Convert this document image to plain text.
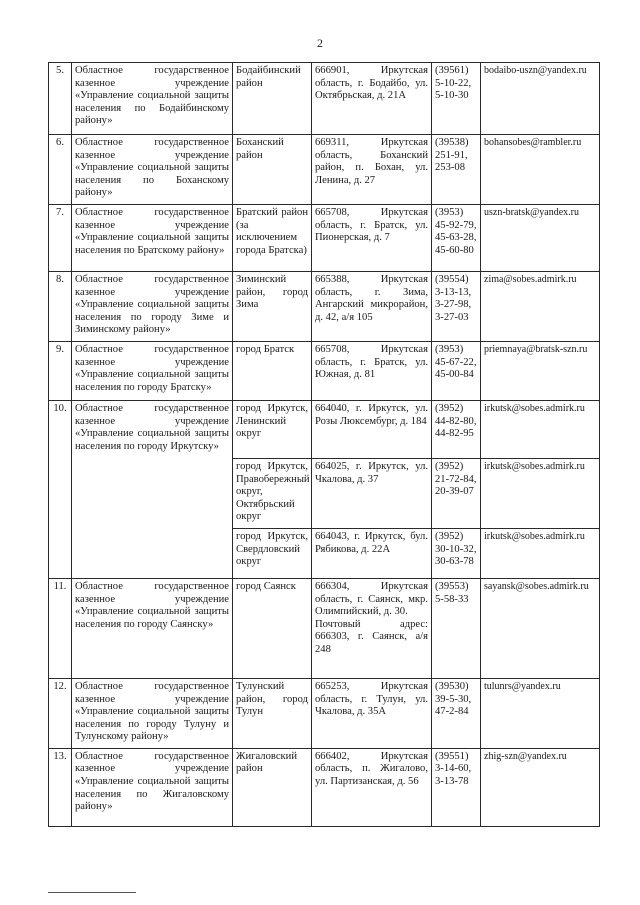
2
5.	Областное государственное казенное учреждение «Управление социальной защиты населения по Бодайбинскому району»	Бодайбинский район	666901, Иркутская область, г. Бодайбо, ул. Октябрьская, д. 21А	(39561) 5-10-22, 5-10-30	bodaibo-uszn@yandex.ru
6.	Областное государственное казенное учреждение «Управление социальной защиты населения по Боханскому району»	Боханский район	669311, Иркутская область, Боханский район, п. Бохан, ул. Ленина, д. 27	(39538) 251-91, 253-08	bohansobes@rambler.ru
7.	Областное государственное казенное учреждение «Управление социальной защиты населения по Братскому району»	Братский район (за исключением города Братска)	665708, Иркутская область, г. Братск, ул. Пионерская, д. 7	(3953) 45-92-79, 45-63-28, 45-60-80	uszn-bratsk@yandex.ru
8.	Областное государственное казенное учреждение «Управление социальной защиты населения по городу Зиме и Зиминскому району»	Зиминский район, город Зима	665388, Иркутская область, г. Зима, Ангарский микрорайон, д. 42, а/я 105	(39554) 3-13-13, 3-27-98, 3-27-03	zima@sobes.admirk.ru
9.	Областное государственное казенное учреждение «Управление социальной защиты населения по городу Братску»	город Братск	665708, Иркутская область, г. Братск, ул. Южная, д. 81	(3953) 45-67-22, 45-00-84	priemnaya@bratsk-szn.ru
10.	Областное государственное казенное учреждение «Управление социальной защиты населения по городу Иркутску»	город Иркутск, Ленинский округ	664040, г. Иркутск, ул. Розы Люксембург, д. 184	(3952) 44-82-80, 44-82-95	irkutsk@sobes.admirk.ru
		город Иркутск, Правобережный округ, Октябрьский округ	664025, г. Иркутск, ул. Чкалова, д. 37	(3952) 21-72-84, 20-39-07	irkutsk@sobes.admirk.ru
		город Иркутск, Свердловский округ	664043, г. Иркутск, бул. Рябикова, д. 22А	(3952) 30-10-32, 30-63-78	irkutsk@sobes.admirk.ru
11.	Областное государственное казенное учреждение «Управление социальной защиты населения по городу Саянску»	город Саянск	666304, Иркутская область, г. Саянск, мкр. Олимпийский, д. 30.
Почтовый адрес: 666303, г. Саянск, а/я 248	(39553) 5-58-33	sayansk@sobes.admirk.ru
12.	Областное государственное казенное учреждение «Управление социальной защиты населения по городу Тулуну и Тулунскому району»	Тулунский район, город Тулун	665253, Иркутская область, г. Тулун, ул. Чкалова, д. 35А	(39530) 39-5-30, 47-2-84	tulunrs@yandex.ru
13.	Областное государственное казенное учреждение «Управление социальной защиты населения по Жигаловскому району»	Жигаловский район	666402, Иркутская область, п. Жигалово, ул. Партизанская, д. 56	(39551) 3-14-60, 3-13-78	zhig-szn@yandex.ru
